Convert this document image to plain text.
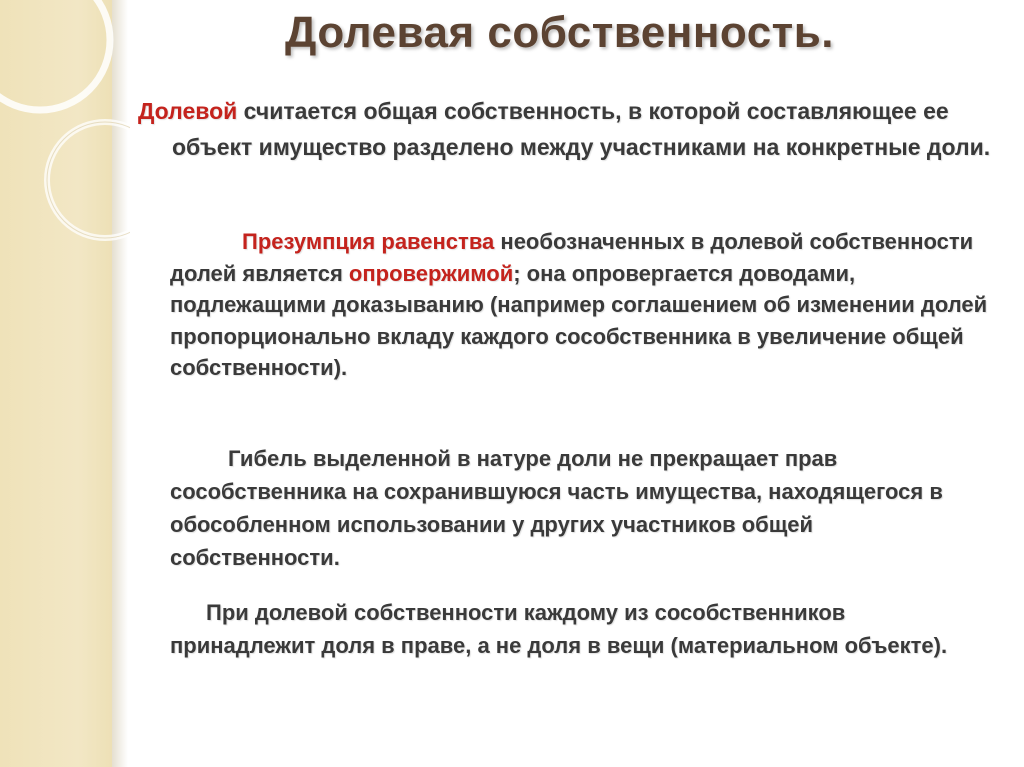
Долевая собственность.

Долевой считается общая собственность, в которой составляющее ее объект имущество разделено между участниками на конкретные доли.

Презумпция равенства необозначенных в долевой собственности долей является опровержимой; она опровергается доводами, подлежащими доказыванию (например соглашением об изменении долей пропорционально вкладу каждого сособственника в увеличение общей собственности).

Гибель выделенной в натуре доли не прекращает прав сособственника на сохранившуюся часть имущества, находящегося в обособленном использовании у других участников общей собственности.

При долевой собственности каждому из сособственников принадлежит доля в праве, а не доля в вещи (материальном объекте).
